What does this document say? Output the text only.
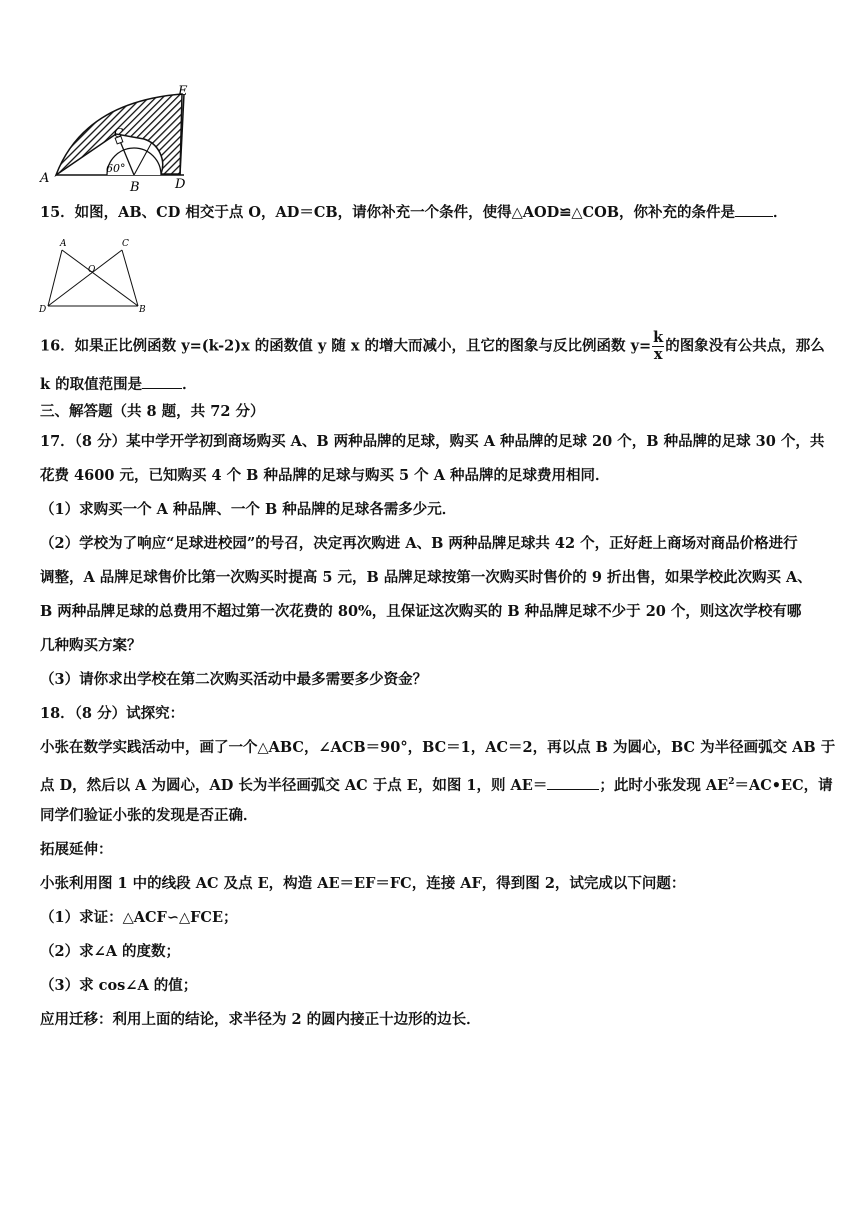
A
B	D
E
C
60°
15．如图，AB、CD 相交于点 O，AD＝CB，请你补充一个条件，使得△AOD≌△COB，你补充的条件是	．
A	C
O
D	B
16．如果正比例函数 y=(k-2)x 的函数值 y 随 x 的增大而减小，且它的图象与反比例函数 $y= \frac{k}{x}$ 的图象没有公共点，那么
k 的取值范围是	．
三、解答题（共 8 题，共 72 分）
17．（8 分）某中学开学初到商场购买 A、B 两种品牌的足球，购买 A 种品牌的足球 20 个，B 种品牌的足球 30 个，共
花费 4600 元，已知购买 4 个 B 种品牌的足球与购买 5 个 A 种品牌的足球费用相同．
（1）求购买一个 A 种品牌、一个 B 种品牌的足球各需多少元．
（2）学校为了响应“足球进校园”的号召，决定再次购进 A、B 两种品牌足球共 42 个，正好赶上商场对商品价格进行
调整，A 品牌足球售价比第一次购买时提高 5 元，B 品牌足球按第一次购买时售价的 9 折出售，如果学校此次购买 A、
B 两种品牌足球的总费用不超过第一次花费的 80%，且保证这次购买的 B 种品牌足球不少于 20 个，则这次学校有哪
几种购买方案？
（3）请你求出学校在第二次购买活动中最多需要多少资金？
18．（8 分）试探究：
小张在数学实践活动中，画了一个△ABC，∠ACB＝90°，BC＝1，AC＝2，再以点 B 为圆心，BC 为半径画弧交 AB 于
点 D，然后以 A 为圆心，AD 长为半径画弧交 AC 于点 E，如图 1，则 AE＝	；此时小张发现 $AE^2=AC•EC$，请
同学们验证小张的发现是否正确．
拓展延伸：
小张利用图 1 中的线段 AC 及点 E，构造 AE＝EF＝FC，连接 AF，得到图 2，试完成以下问题：
（1）求证：△ACF∽△FCE；
（2）求∠A 的度数；
（3）求 cos∠A 的值；
应用迁移：利用上面的结论，求半径为 2 的圆内接正十边形的边长．
